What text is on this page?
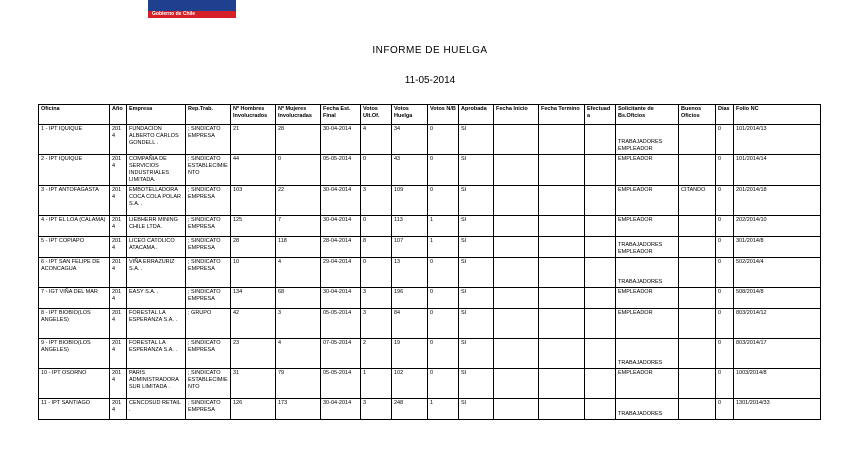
Gobierno de Chile
INFORME DE HUELGA
11-05-2014
Oficina	Año	Empresa	Rep.Trab.	Nº Hombres Involucrados	Nº Mujeres Involucradas	Fecha Est. Final	Votos Ult.Of.	Votos Huelga	Votos N/B	Aprobada	Fecha Inicio	Fecha Termino	Efectuada	Solicitante de Bs.Oficios	Buenos Oficios	Días	Folio NC
1 - IPT IQUIQUE	2014	FUNDACION ALBERTO CARLOS GONDELL .	; SINDICATO EMPRESA	21	28	30-04-2014	4	34	0	SI				TRABAJADORES EMPLEADOR		0	101/2014/13
2 - IPT IQUIQUE	2014	COMPAÑIA DE SERVICIOS INDUSTRIALES LIMITADA.	; SINDICATO ESTABLECIMIENTO	44	0	05-05-2014	0	43	0	SI				EMPLEADOR		0	101/2014/14
3 - IPT ANTOFAGASTA	2014	EMBOTELLADORA COCA COLA POLAR S.A. .	; SINDICATO EMPRESA	103	22	30-04-2014	3	109	0	SI				EMPLEADOR	CITANDO	0	201/2014/18
4 - IPT EL LOA (CALAMA)	2014	LIEBHERR MINING CHILE LTDA.	; SINDICATO EMPRESA	125	7	30-04-2014	0	113	1	SI				EMPLEADOR		0	202/2014/10
5 - IPT COPIAPO	2014	LICEO CATOLICO ATACAMA .	; SINDICATO EMPRESA	28	118	28-04-2014	8	107	1	SI				TRABAJADORES EMPLEADOR		0	301/2014/8
6 - IPT SAN FELIPE DE ACONCAGUA	2014	VIÑA ERRAZURIZ S.A. .	; SINDICATO EMPRESA	10	4	29-04-2014	0	13	0	SI				TRABAJADORES		0	502/2014/4
7 - IGT VIÑA DEL MAR	2014	EASY S.A. .	; SINDICATO EMPRESA	134	68	30-04-2014	3	196	0	SI				EMPLEADOR		0	508/2014/8
8 - IPT BIOBIO(LOS ANGELES)	2014	FORESTAL LA ESPERANZA S.A. .	; GRUPO	42	3	05-05-2014	3	84	0	SI				EMPLEADOR		0	803/2014/12
9 - IPT BIOBIO(LOS ANGELES)	2014	FORESTAL LA ESPERANZA S.A. .	; SINDICATO EMPRESA	23	4	07-05-2014	2	19	0	SI				TRABAJADORES		0	803/2014/17
10 - IPT OSORNO	2014	PARIS ADMINISTRADORA SUR LIMITADA .	; SINDICATO ESTABLECIMIENTO	31	79	05-05-2014	1	102	0	SI				EMPLEADOR		0	1003/2014/8
11 - IPT SANTIAGO	2014	CENCOSUD RETAIL .	; SINDICATO EMPRESA	126	173	30-04-2014	3	248	1	SI				TRABAJADORES		0	1301/2014/33
